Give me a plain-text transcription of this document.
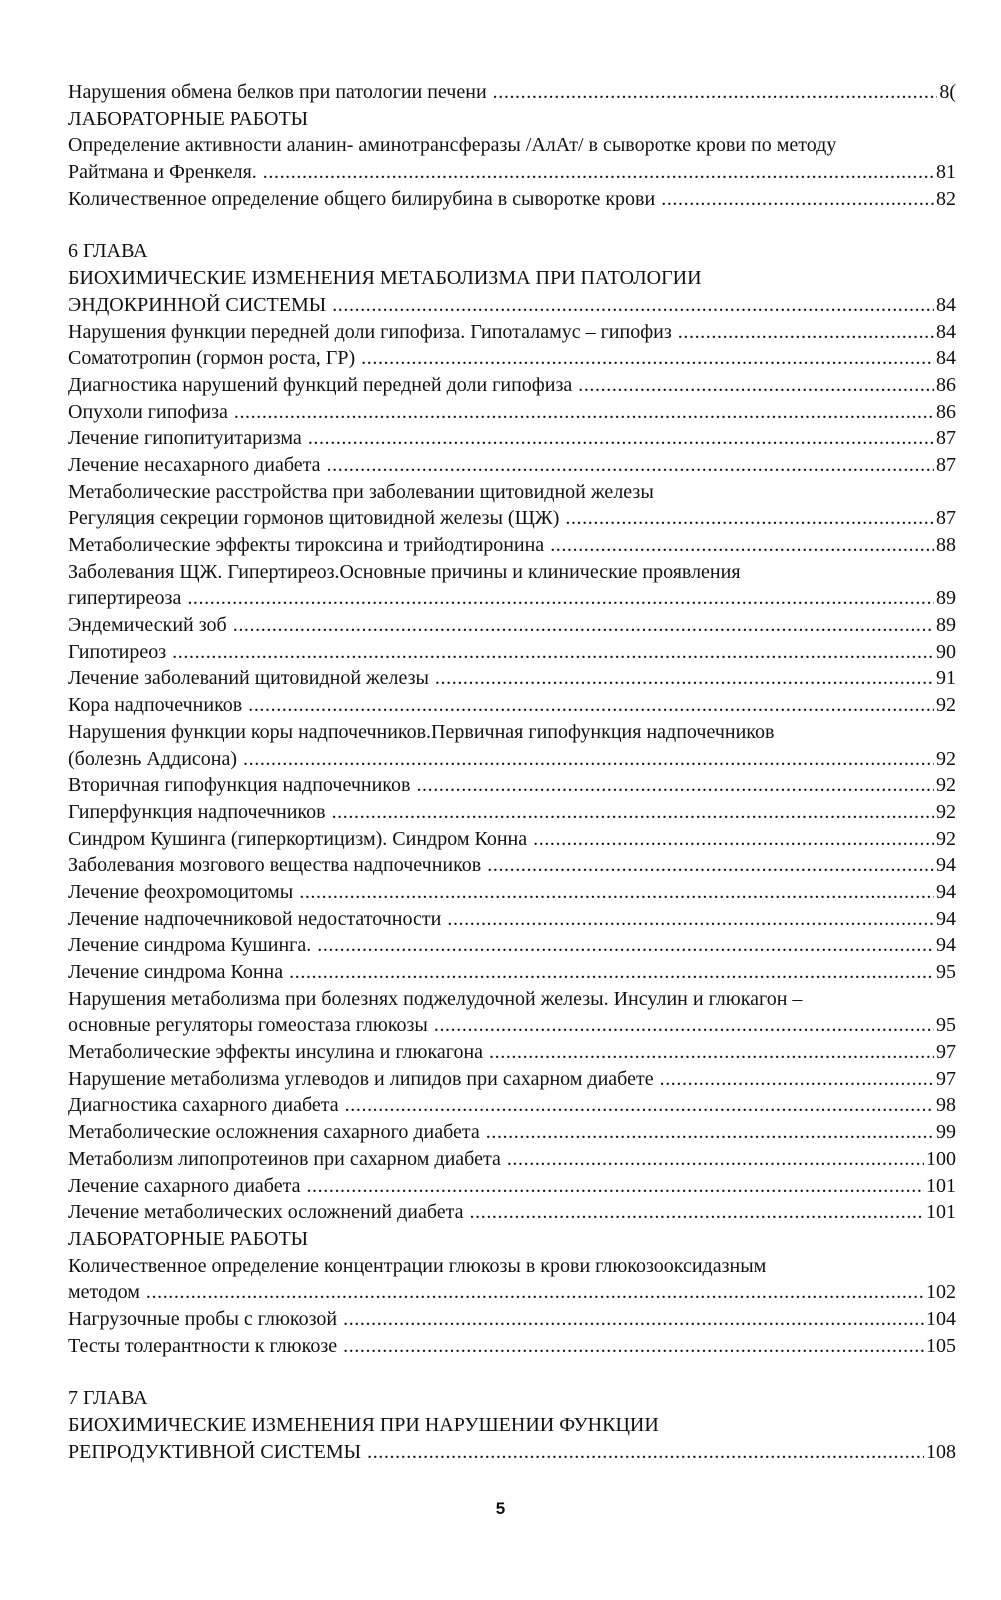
Нарушения обмена белков при патологии печени . . .	8(
ЛАБОРАТОРНЫЕ РАБОТЫ
Определение активности аланин- аминотрансферазы /АлАт/ в сыворотке крови по методу
Райтмана и Френкеля. . . .	81
Количественное определение общего билирубина в сыворотке крови . . .	82
6 ГЛАВА
БИОХИМИЧЕСКИЕ ИЗМЕНЕНИЯ МЕТАБОЛИЗМА ПРИ ПАТОЛОГИИ
ЭНДОКРИННОЙ СИСТЕМЫ . . .	84
Нарушения функции передней доли гипофиза. Гипоталамус – гипофиз . . .	84
Соматотропин (гормон роста, ГР) . . .	84
Диагностика нарушений функций передней доли гипофиза . . .	86
Опухоли гипофиза . . .	86
Лечение гипопитуитаризма . . .	87
Лечение несахарного диабета . . .	87
Метаболические расстройства при заболевании щитовидной железы
Регуляция секреции гормонов щитовидной железы (ЩЖ) . . .	87
Метаболические эффекты тироксина и трийодтиронина . . .	88
Заболевания ЩЖ. Гипертиреоз.Основные причины и клинические проявления
гипертиреоза . . .	89
Эндемический зоб . . .	89
Гипотиреоз . . .	90
Лечение заболеваний щитовидной железы . . .	91
Кора надпочечников . . .	92
Нарушения функции коры надпочечников.Первичная гипофункция надпочечников
(болезнь Аддисона) . . .	92
Вторичная гипофункция надпочечников . . .	92
Гиперфункция надпочечников . . .	92
Синдром Кушинга (гиперкортицизм). Синдром Конна . . .	92
Заболевания мозгового вещества надпочечников . . .	94
Лечение феохромоцитомы . . .	94
Лечение надпочечниковой недостаточности . . .	94
Лечение синдрома Кушинга. . . .	94
Лечение синдрома Конна . . .	95
Нарушения метаболизма при болезнях поджелудочной железы. Инсулин и глюкагон –
основные регуляторы гомеостаза глюкозы . . .	95
Метаболические эффекты инсулина и глюкагона . . .	97
Нарушение метаболизма углеводов и липидов при сахарном диабете . . .	97
Диагностика сахарного диабета . . .	98
Метаболические осложнения сахарного диабета . . .	99
Метаболизм липопротеинов при сахарном диабета . . .	100
Лечение сахарного диабета . . .	101
Лечение метаболических осложнений диабета . . .	101
ЛАБОРАТОРНЫЕ РАБОТЫ
Количественное определение концентрации глюкозы в крови глюкозооксидазным
методом . . .	102
Нагрузочные пробы с глюкозой . . .	104
Тесты толерантности к глюкозе . . .	105
7 ГЛАВА
БИОХИМИЧЕСКИЕ ИЗМЕНЕНИЯ ПРИ НАРУШЕНИИ ФУНКЦИИ
РЕПРОДУКТИВНОЙ СИСТЕМЫ . . .	108
5
